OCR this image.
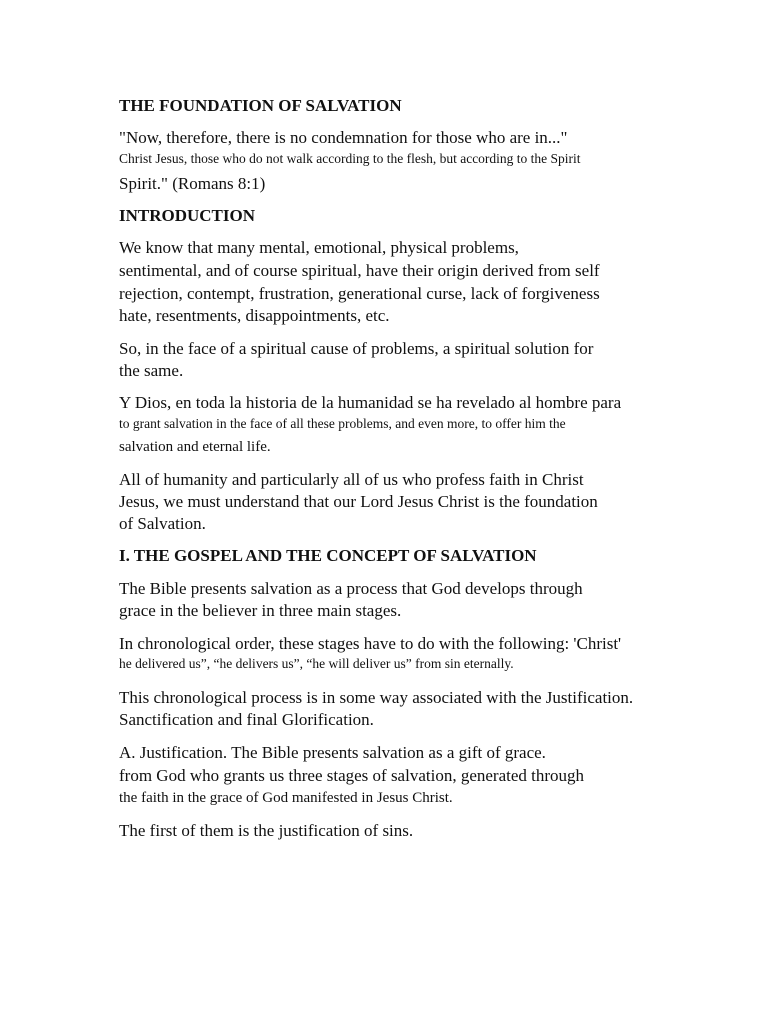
THE FOUNDATION OF SALVATION

"Now, therefore, there is no condemnation for those who are in..."

Christ Jesus, those who do not walk according to the flesh, but according to the Spirit

Spirit." (Romans 8:1)

INTRODUCTION

We know that many mental, emotional, physical problems,

sentimental, and of course spiritual, have their origin derived from self

rejection, contempt, frustration, generational curse, lack of forgiveness

hate, resentments, disappointments, etc.

So, in the face of a spiritual cause of problems, a spiritual solution for

the same.

Y Dios, en toda la historia de la humanidad se ha revelado al hombre para

to grant salvation in the face of all these problems, and even more, to offer him the

salvation and eternal life.

All of humanity and particularly all of us who profess faith in Christ

Jesus, we must understand that our Lord Jesus Christ is the foundation

of Salvation.

I. THE GOSPEL AND THE CONCEPT OF SALVATION

The Bible presents salvation as a process that God develops through

grace in the believer in three main stages.

In chronological order, these stages have to do with the following: 'Christ'

he delivered us”, “he delivers us”, “he will deliver us” from sin eternally.

This chronological process is in some way associated with the Justification.

Sanctification and final Glorification.

A. Justification. The Bible presents salvation as a gift of grace.

from God who grants us three stages of salvation, generated through

the faith in the grace of God manifested in Jesus Christ.

The first of them is the justification of sins.
